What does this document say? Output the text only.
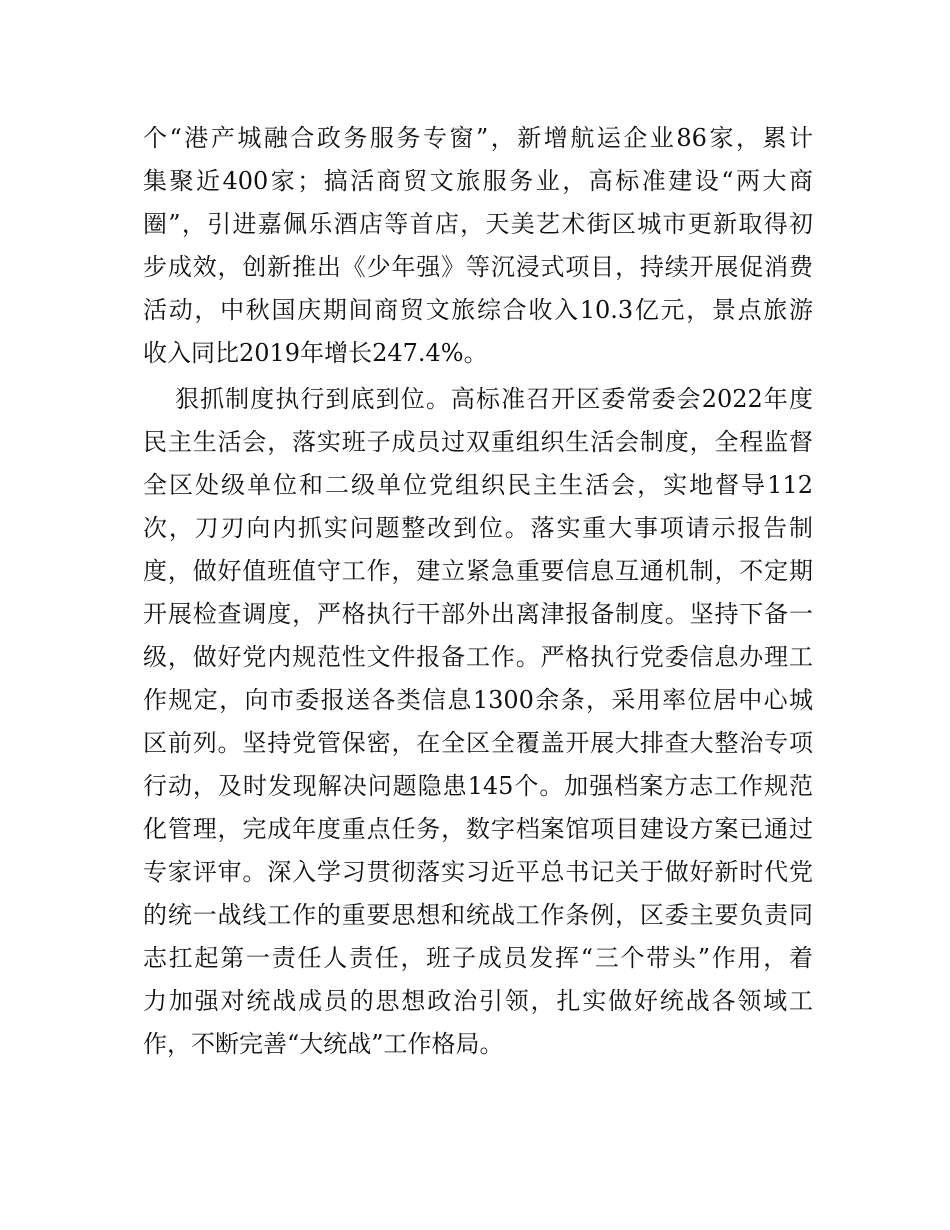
个“港产城融合政务服务专窗”，新增航运企业86家，累计
集聚近400家；搞活商贸文旅服务业，高标准建设“两大商
圈”，引进嘉佩乐酒店等首店，天美艺术街区城市更新取得初
步成效，创新推出《少年强》等沉浸式项目，持续开展促消费
活动，中秋国庆期间商贸文旅综合收入10.3亿元，景点旅游
收入同比2019年增长247.4%。
狠抓制度执行到底到位。高标准召开区委常委会2022年度
民主生活会，落实班子成员过双重组织生活会制度，全程监督
全区处级单位和二级单位党组织民主生活会，实地督导112
次，刀刃向内抓实问题整改到位。落实重大事项请示报告制
度，做好值班值守工作，建立紧急重要信息互通机制，不定期
开展检查调度，严格执行干部外出离津报备制度。坚持下备一
级，做好党内规范性文件报备工作。严格执行党委信息办理工
作规定，向市委报送各类信息1300余条，采用率位居中心城
区前列。坚持党管保密，在全区全覆盖开展大排查大整治专项
行动，及时发现解决问题隐患145个。加强档案方志工作规范
化管理，完成年度重点任务，数字档案馆项目建设方案已通过
专家评审。深入学习贯彻落实习近平总书记关于做好新时代党
的统一战线工作的重要思想和统战工作条例，区委主要负责同
志扛起第一责任人责任，班子成员发挥“三个带头”作用，着
力加强对统战成员的思想政治引领，扎实做好统战各领域工
作，不断完善“大统战”工作格局。
